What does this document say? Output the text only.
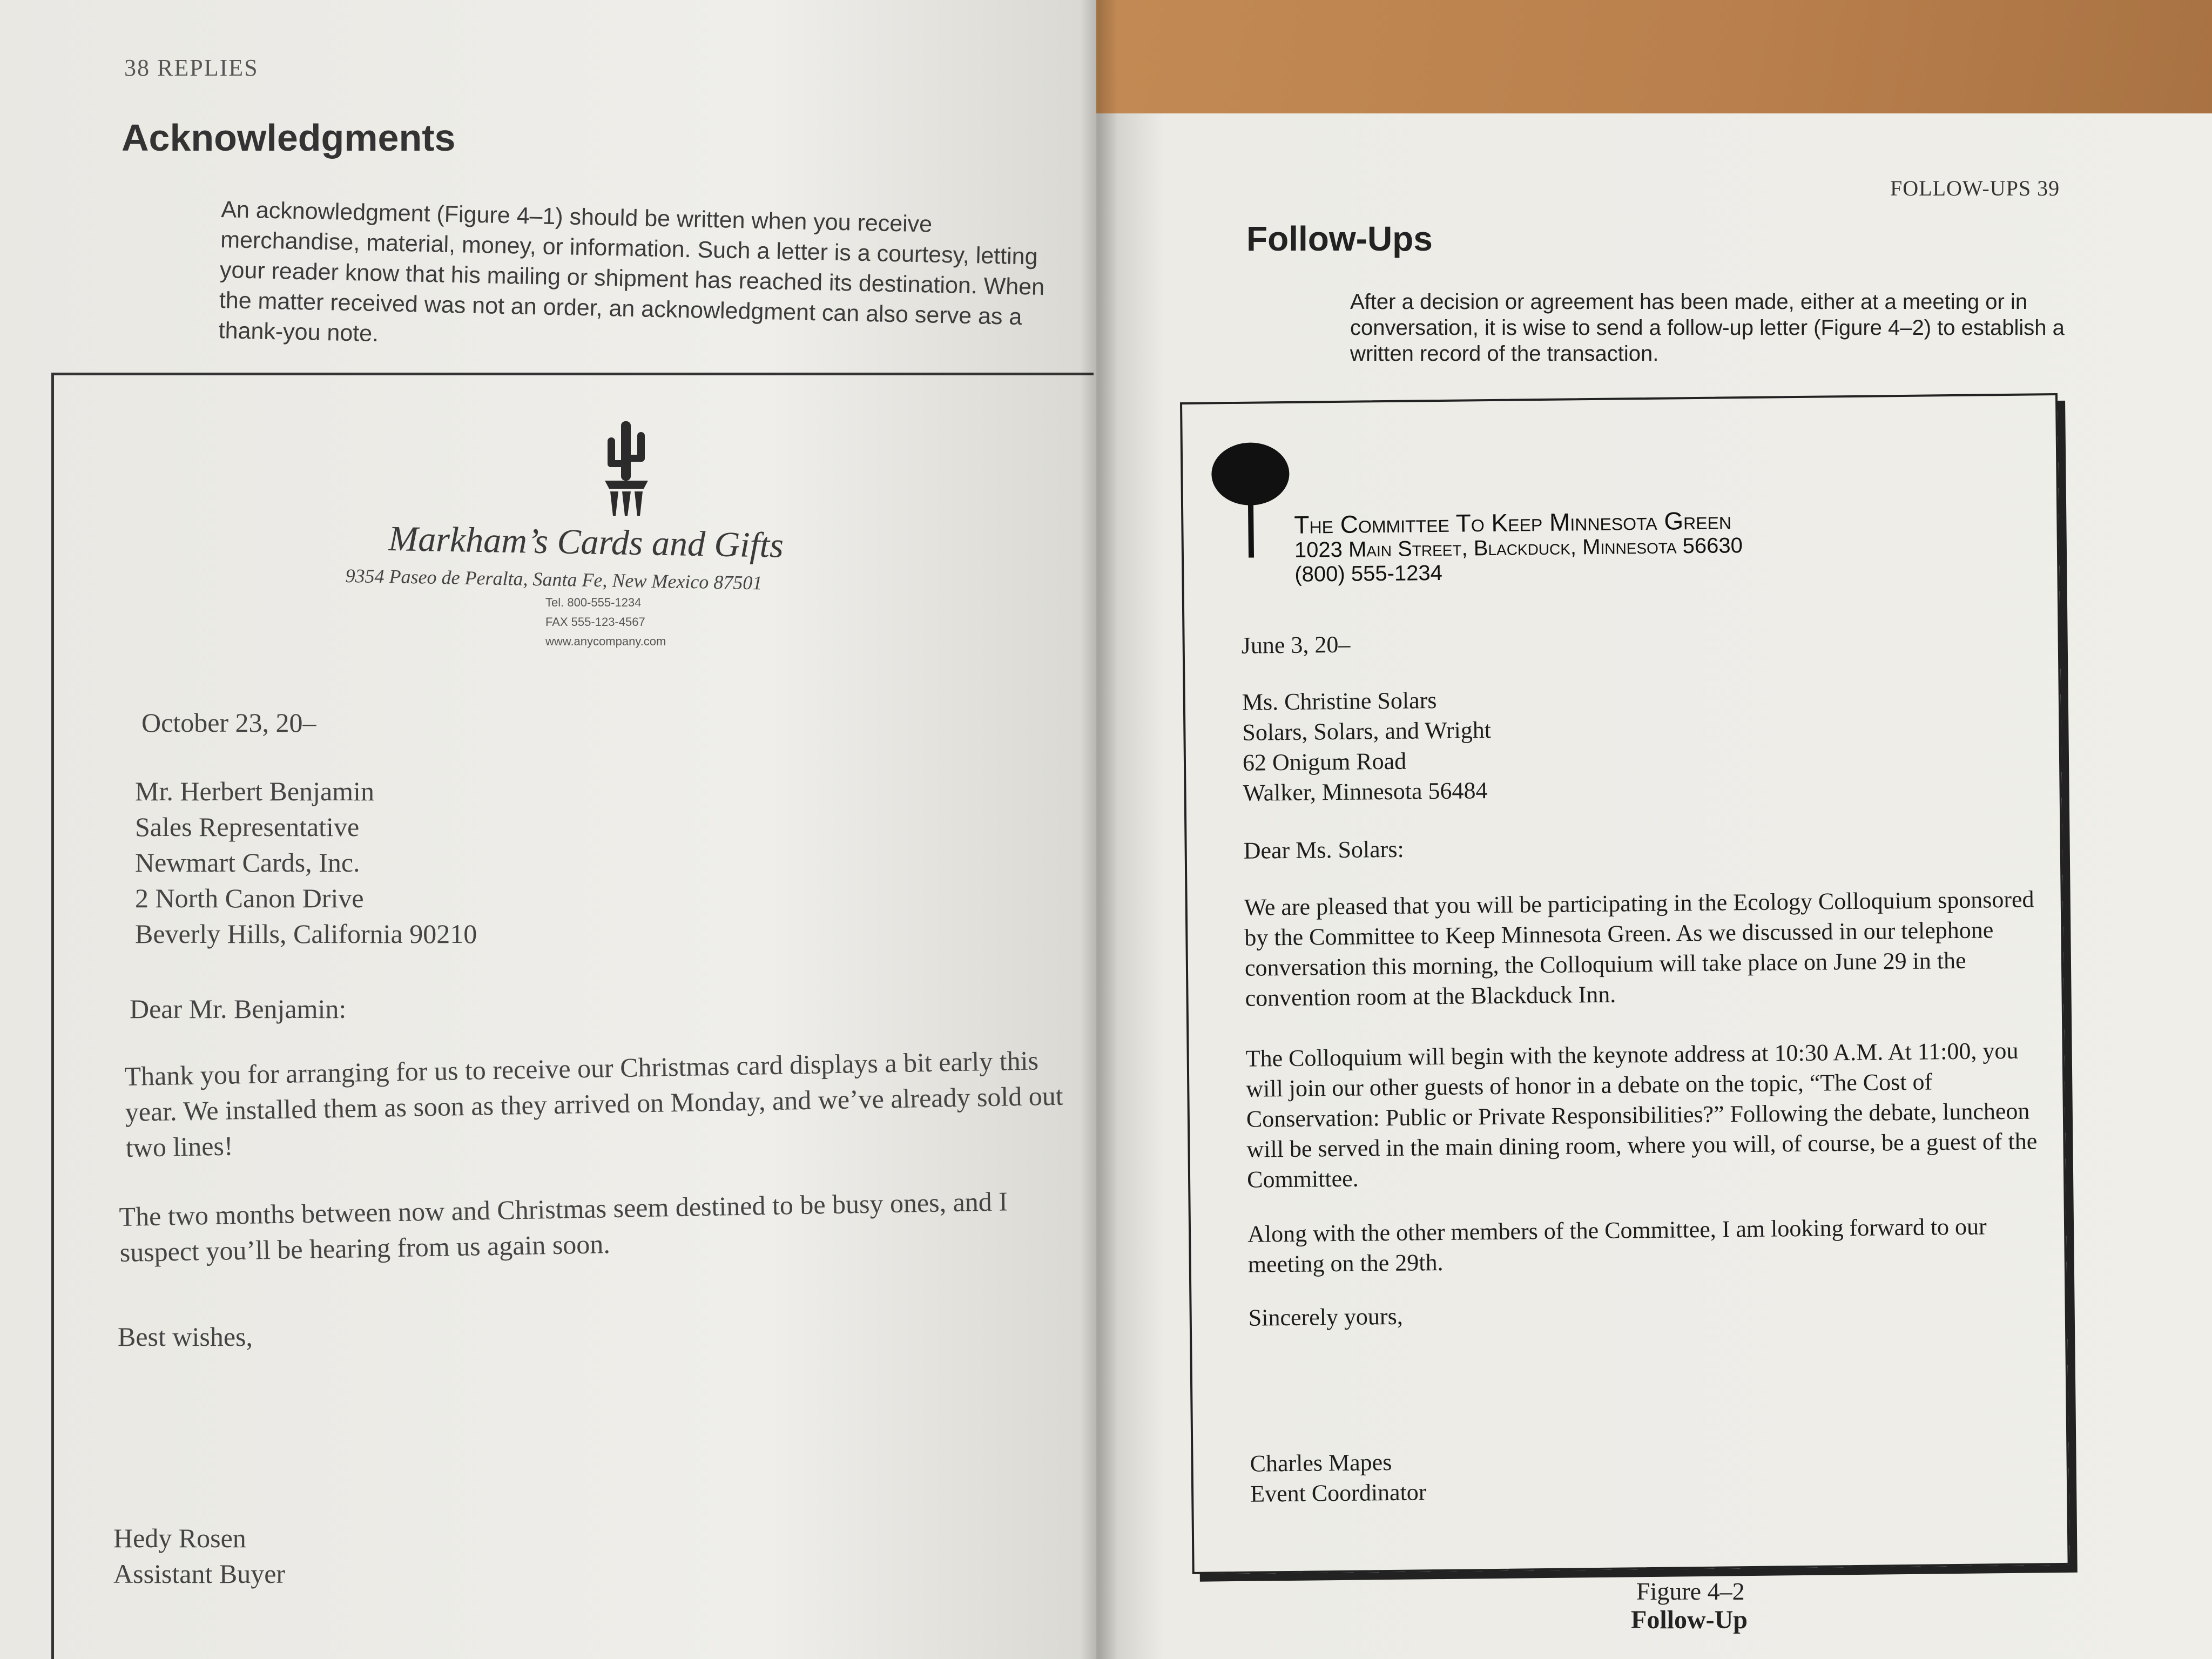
38 REPLIES
Acknowledgments
An acknowledgment (Figure 4–1) should be written when you receive merchandise, material, money, or information. Such a letter is a courtesy, letting your reader know that his mailing or shipment has reached its destination. When the matter received was not an order, an acknowledgment can also serve as a thank-you note.
Markham’s Cards and Gifts
9354 Paseo de Peralta, Santa Fe, New Mexico 87501
Tel. 800-555-1234
FAX 555-123-4567
www.anycompany.com
October 23, 20–
Mr. Herbert Benjamin
Sales Representative
Newmart Cards, Inc.
2 North Canon Drive
Beverly Hills, California 90210
Dear Mr. Benjamin:
Thank you for arranging for us to receive our Christmas card displays a bit early this year. We installed them as soon as they arrived on Monday, and we’ve already sold out two lines!
The two months between now and Christmas seem destined to be busy ones, and I suspect you’ll be hearing from us again soon.
Best wishes,
Hedy Rosen
Assistant Buyer
FOLLOW-UPS 39
Follow-Ups
After a decision or agreement has been made, either at a meeting or in conversation, it is wise to send a follow-up letter (Figure 4–2) to establish a written record of the transaction.
The Committee To Keep Minnesota Green
1023 Main Street, Blackduck, Minnesota 56630
(800) 555-1234
June 3, 20–
Ms. Christine Solars
Solars, Solars, and Wright
62 Onigum Road
Walker, Minnesota 56484
Dear Ms. Solars:
We are pleased that you will be participating in the Ecology Colloquium sponsored by the Committee to Keep Minnesota Green. As we discussed in our telephone conversation this morning, the Colloquium will take place on June 29 in the convention room at the Blackduck Inn.
The Colloquium will begin with the keynote address at 10:30 A.M. At 11:00, you will join our other guests of honor in a debate on the topic, “The Cost of Conservation: Public or Private Responsibilities?” Following the debate, luncheon will be served in the main dining room, where you will, of course, be a guest of the Committee.
Along with the other members of the Committee, I am looking forward to our meeting on the 29th.
Sincerely yours,
Charles Mapes
Event Coordinator
Figure 4–2
Follow-Up
